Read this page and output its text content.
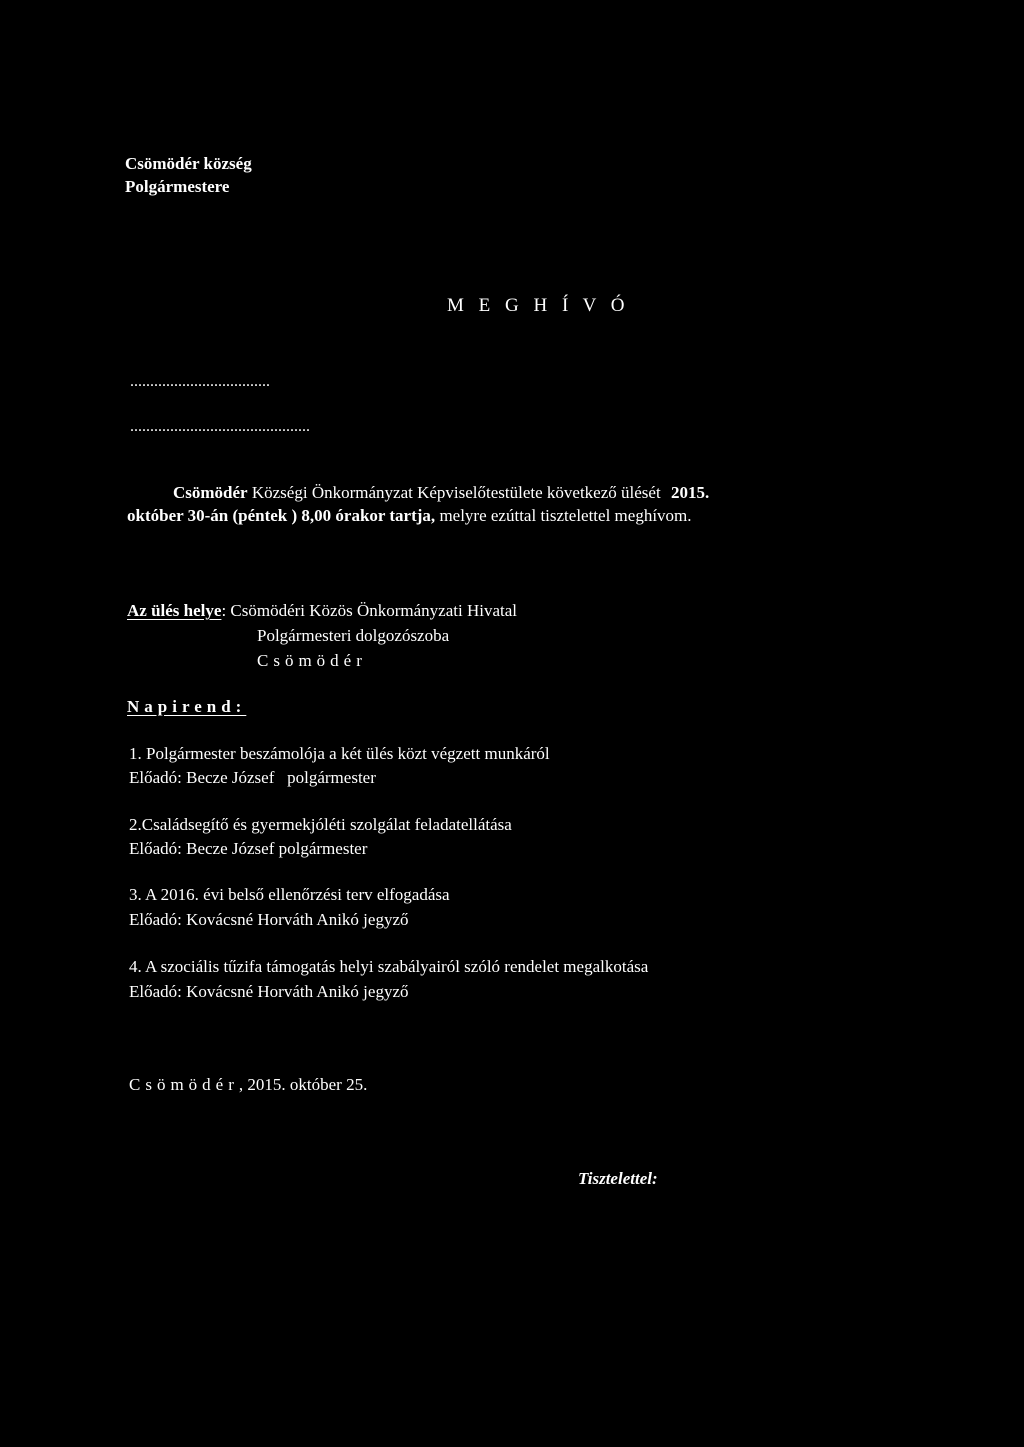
Csömödér község
Polgármestere
M E G H Í V Ó
...................................
.............................................
Csömödér Községi Önkormányzat Képviselőtestülete következő ülését 2015.
október 30-án (péntek ) 8,00 órakor tartja, melyre ezúttal tisztelettel meghívom.
Az ülés helye: Csömödéri Közös Önkormányzati Hivatal
Polgármesteri dolgozószoba
Csömödér
Napirend:
1. Polgármester beszámolója a két ülés közt végzett munkáról
Előadó: Becze József   polgármester
2.Családsegítő és gyermekjóléti szolgálat feladatellátása
Előadó: Becze József polgármester
3. A 2016. évi belső ellenőrzési terv elfogadása
Előadó: Kovácsné Horváth Anikó jegyző
4. A szociális tűzifa támogatás helyi szabályairól szóló rendelet megalkotása
Előadó: Kovácsné Horváth Anikó jegyző
Csömödér, 2015. október 25.
Tisztelettel:
